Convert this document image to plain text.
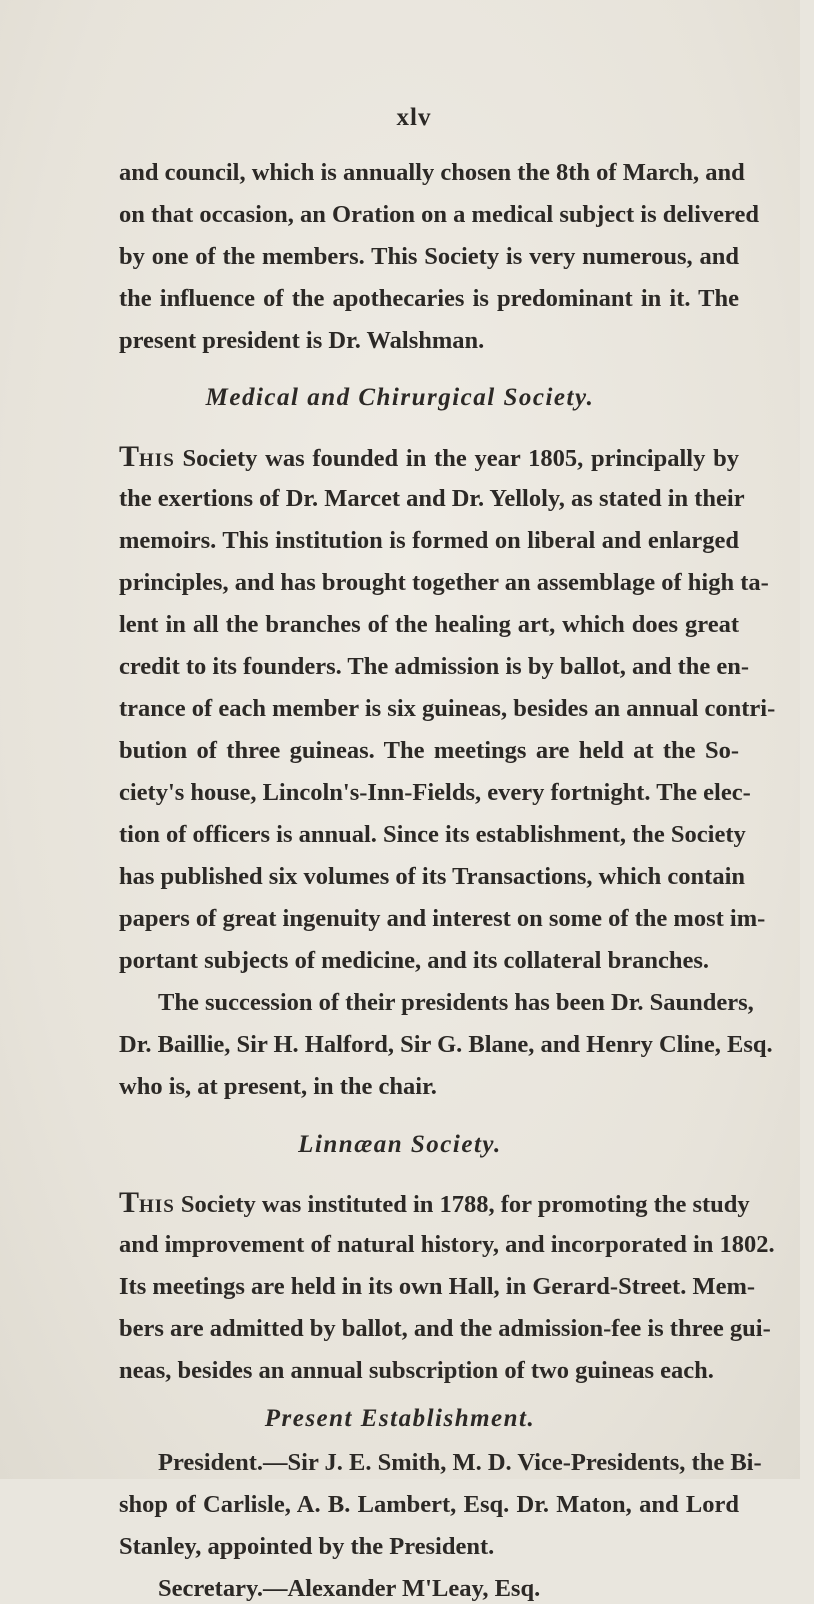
xlv
and council, which is annually chosen the 8th of March, and
on that occasion, an Oration on a medical subject is delivered
by one of the members. This Society is very numerous, and
the influence of the apothecaries is predominant in it. The
present president is Dr. Walshman.
Medical and Chirurgical Society.
THIS Society was founded in the year 1805, principally by
the exertions of Dr. Marcet and Dr. Yelloly, as stated in their
memoirs. This institution is formed on liberal and enlarged
principles, and has brought together an assemblage of high ta-
lent in all the branches of the healing art, which does great
credit to its founders. The admission is by ballot, and the en-
trance of each member is six guineas, besides an annual contri-
bution of three guineas. The meetings are held at the So-
ciety's house, Lincoln's-Inn-Fields, every fortnight. The elec-
tion of officers is annual. Since its establishment, the Society
has published six volumes of its Transactions, which contain
papers of great ingenuity and interest on some of the most im-
portant subjects of medicine, and its collateral branches.
The succession of their presidents has been Dr. Saunders,
Dr. Baillie, Sir H. Halford, Sir G. Blane, and Henry Cline, Esq.
who is, at present, in the chair.
Linnæan Society.
THIS Society was instituted in 1788, for promoting the study
and improvement of natural history, and incorporated in 1802.
Its meetings are held in its own Hall, in Gerard-Street. Mem-
bers are admitted by ballot, and the admission-fee is three gui-
neas, besides an annual subscription of two guineas each.
Present Establishment.
President.—Sir J. E. Smith, M. D. Vice-Presidents, the Bi-
shop of Carlisle, A. B. Lambert, Esq. Dr. Maton, and Lord
Stanley, appointed by the President.
Secretary.—Alexander M'Leay, Esq.
